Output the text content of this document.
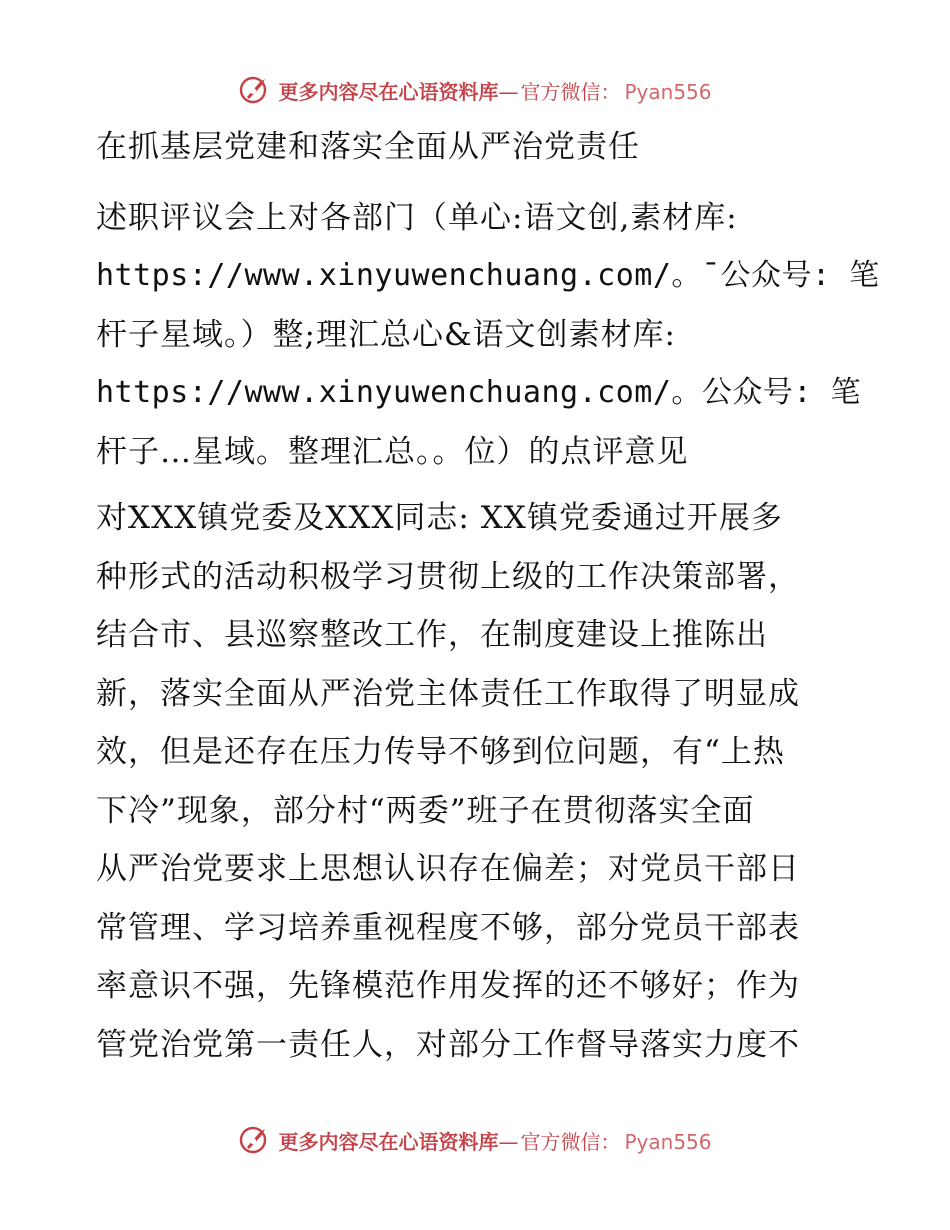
更多内容尽在心语资料库— 官方微信： Pyan556
在抓基层党建和落实全面从严治党责任
述职评议会上对各部门（单心:语文创,素材库:
https://www.xinyuwenchuang.com/。¯公众号: 笔
杆子星域。）整;理汇总心&语文创素材库:
https://www.xinyuwenchuang.com/。公众号: 笔
杆子…星域。整理汇总。。位）的点评意见
对XXX镇党委及XXX同志: XX镇党委通过开展多
种形式的活动积极学习贯彻上级的工作决策部署，
结合市、县巡察整改工作，在制度建设上推陈出
新，落实全面从严治党主体责任工作取得了明显成
效，但是还存在压力传导不够到位问题，有“上热
下冷”现象，部分村“两委”班子在贯彻落实全面
从严治党要求上思想认识存在偏差；对党员干部日
常管理、学习培养重视程度不够，部分党员干部表
率意识不强，先锋模范作用发挥的还不够好；作为
管党治党第一责任人，对部分工作督导落实力度不
更多内容尽在心语资料库— 官方微信： Pyan556
